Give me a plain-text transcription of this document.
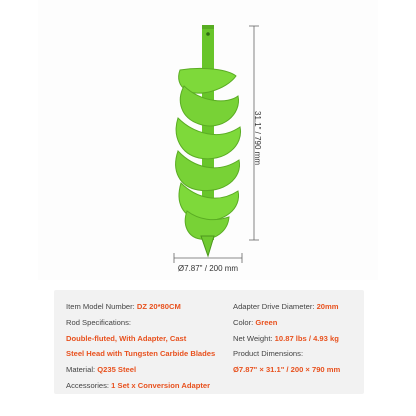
31.1" / 790 mm
Ø7.87" / 200 mm
Item Model Number: DZ 20*80CM
Rod Specifications:
Double-fluted, With Adapter, Cast
Steel Head with Tungsten Carbide Blades
Material: Q235 Steel
Accessories: 1 Set x Conversion Adapter
Adapter Drive Diameter: 20mm
Color: Green
Net Weight: 10.87 lbs / 4.93 kg
Product Dimensions:
Ø7.87" × 31.1" / 200 × 790 mm
